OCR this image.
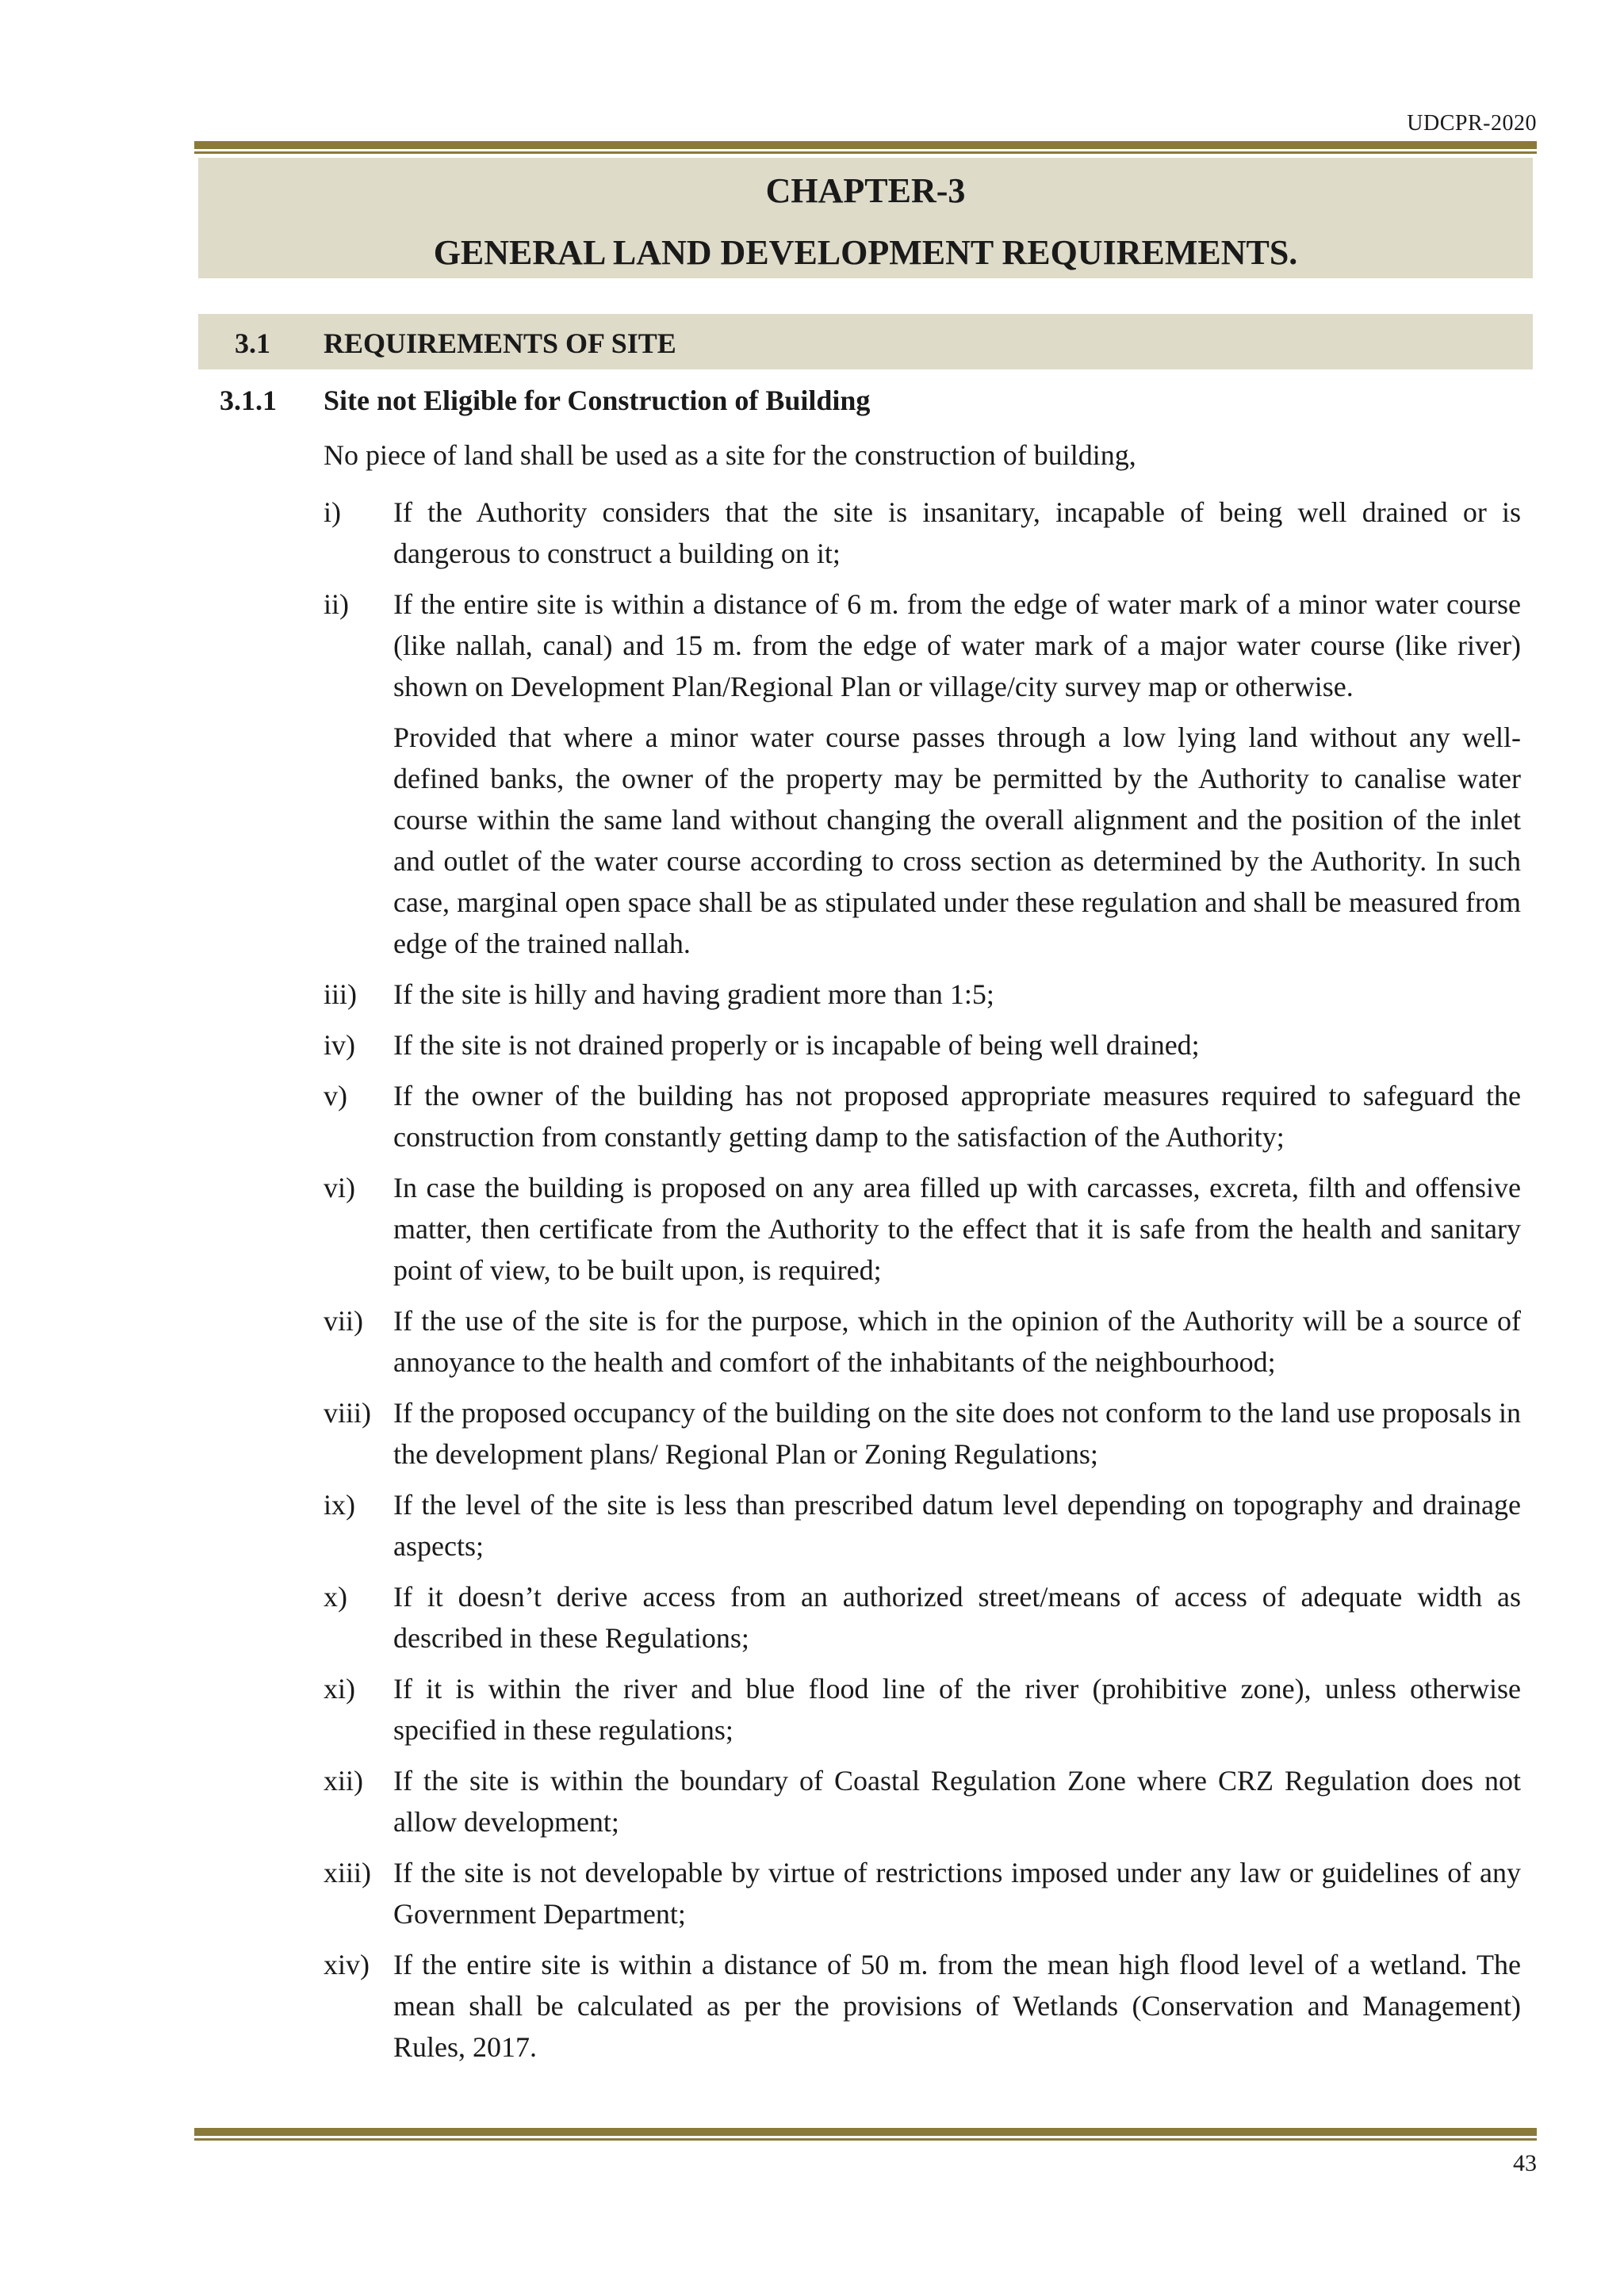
UDCPR-2020
CHAPTER-3
GENERAL LAND DEVELOPMENT REQUIREMENTS.
3.1 REQUIREMENTS OF SITE
3.1.1 Site not Eligible for Construction of Building
No piece of land shall be used as a site for the construction of building,
i)	If the Authority considers that the site is insanitary, incapable of being well drained or is dangerous to construct a building on it;
ii)	If the entire site is within a distance of 6 m. from the edge of water mark of a minor water course (like nallah, canal) and 15 m. from the edge of water mark of a major water course (like river) shown on Development Plan/Regional Plan or village/city survey map or otherwise.
Provided that where a minor water course passes through a low lying land without any well-defined banks, the owner of the property may be permitted by the Authority to canalise water course within the same land without changing the overall alignment and the position of the inlet and outlet of the water course according to cross section as determined by the Authority. In such case, marginal open space shall be as stipulated under these regulation and shall be measured from edge of the trained nallah.
iii)	If the site is hilly and having gradient more than 1:5;
iv)	If the site is not drained properly or is incapable of being well drained;
v)	If the owner of the building has not proposed appropriate measures required to safeguard the construction from constantly getting damp to the satisfaction of the Authority;
vi)	In case the building is proposed on any area filled up with carcasses, excreta, filth and offensive matter, then certificate from the Authority to the effect that it is safe from the health and sanitary point of view, to be built upon, is required;
vii)	If the use of the site is for the purpose, which in the opinion of the Authority will be a source of annoyance to the health and comfort of the inhabitants of the neighbourhood;
viii) If the proposed occupancy of the building on the site does not conform to the land use proposals in the development plans/ Regional Plan or Zoning Regulations;
ix)	If the level of the site is less than prescribed datum level depending on topography and drainage aspects;
x)	If it doesn’t derive access from an authorized street/means of access of adequate width as described in these Regulations;
xi)	If it is within the river and blue flood line of the river (prohibitive zone), unless otherwise specified in these regulations;
xii)	If the site is within the boundary of Coastal Regulation Zone where CRZ Regulation does not allow development;
xiii) If the site is not developable by virtue of restrictions imposed under any law or guidelines of any Government Department;
xiv) If the entire site is within a distance of 50 m. from the mean high flood level of a wetland. The mean shall be calculated as per the provisions of Wetlands (Conservation and Management) Rules, 2017.
43
